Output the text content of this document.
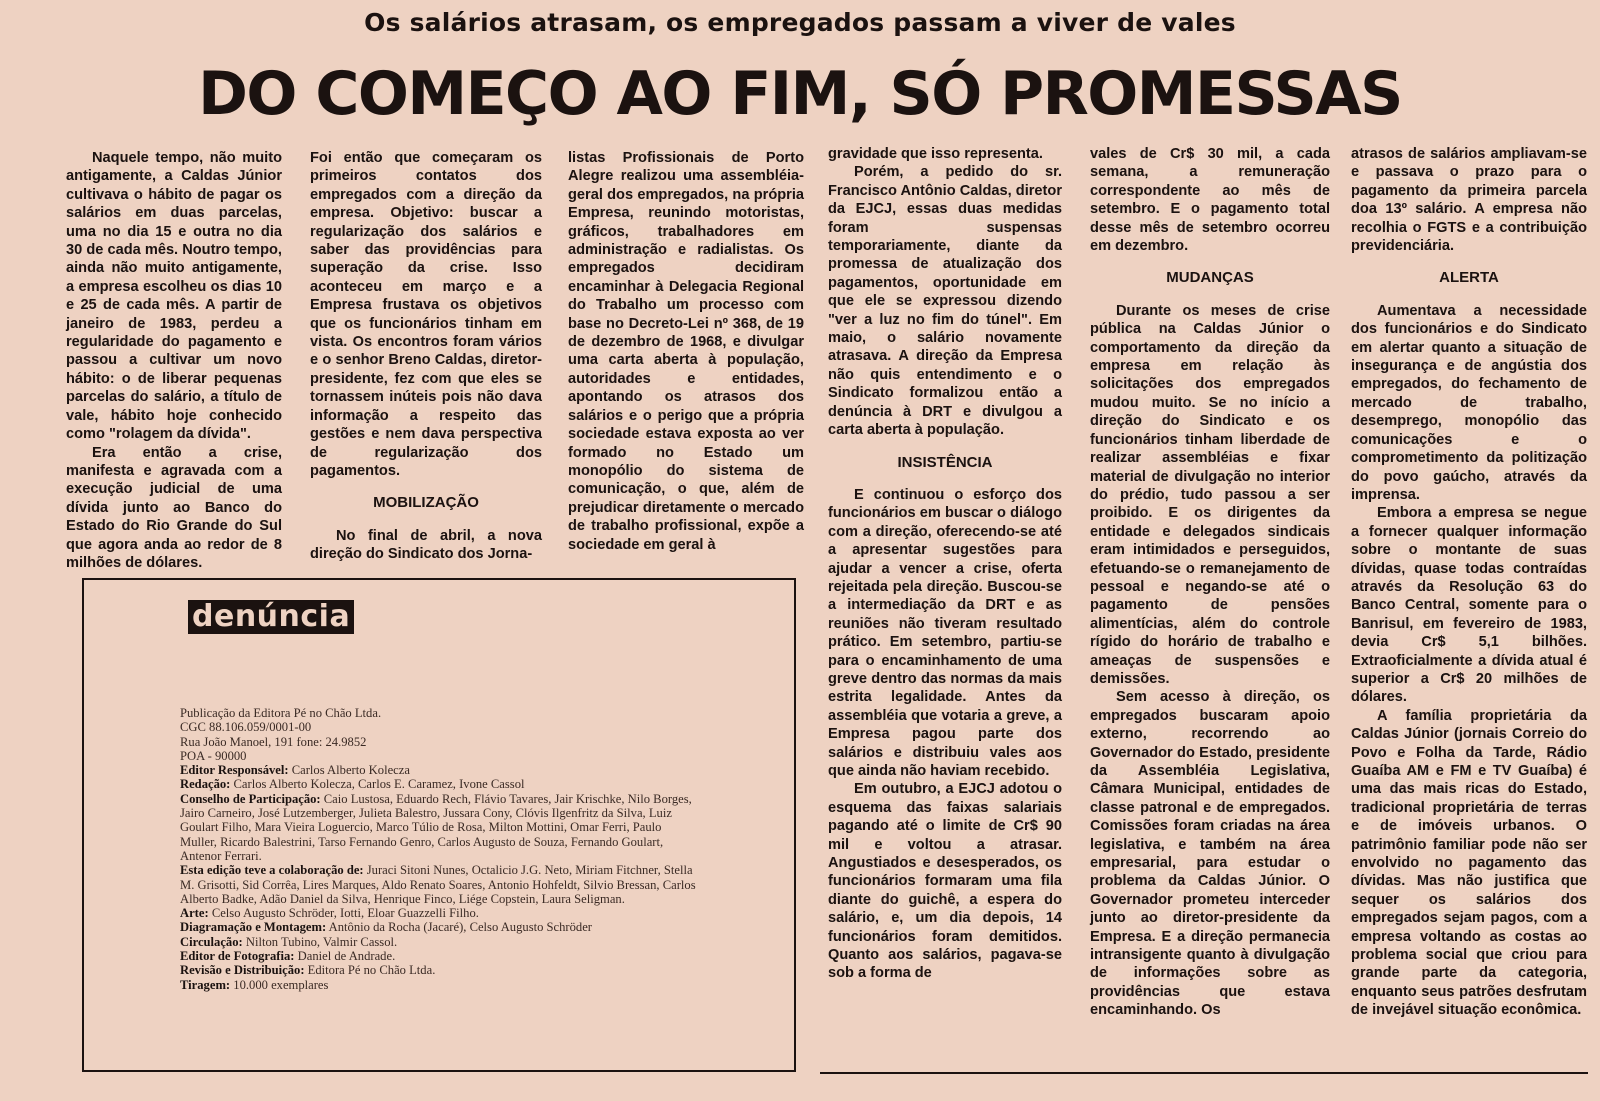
Os salários atrasam, os empregados passam a viver de vales
DO COMEÇO AO FIM, SÓ PROMESSAS

Naquele tempo, não muito antigamente, a Caldas Júnior cultivava o hábito de pagar os salários em duas parcelas, uma no dia 15 e outra no dia 30 de cada mês. Noutro tempo, ainda não muito antigamente, a empresa escolheu os dias 10 e 25 de cada mês. A partir de janeiro de 1983, perdeu a regularidade do pagamento e passou a cultivar um novo hábito: o de liberar pequenas parcelas do salário, a título de vale, hábito hoje conhecido como "rolagem da dívida".

Era então a crise, manifesta e agravada com a execução judicial de uma dívida junto ao Banco do Estado do Rio Grande do Sul que agora anda ao redor de 8 milhões de dólares.

Foi então que começaram os primeiros contatos dos empregados com a direção da empresa. Objetivo: buscar a regularização dos salários e saber das providências para superação da crise. Isso aconteceu em março e a Empresa frustava os objetivos que os funcionários tinham em vista. Os encontros foram vários e o senhor Breno Caldas, diretor-presidente, fez com que eles se tornassem inúteis pois não dava informação a respeito das gestões e nem dava perspectiva de regularização dos pagamentos.

MOBILIZAÇÃO

No final de abril, a nova direção do Sindicato dos Jorna-

listas Profissionais de Porto Alegre realizou uma assembléia-geral dos empregados, na própria Empresa, reunindo motoristas, gráficos, trabalhadores em administração e radialistas. Os empregados decidiram encaminhar à Delegacia Regional do Trabalho um processo com base no Decreto-Lei nº 368, de 19 de dezembro de 1968, e divulgar uma carta aberta à população, autoridades e entidades, apontando os atrasos dos salários e o perigo que a própria sociedade estava exposta ao ver formado no Estado um monopólio do sistema de comunicação, o que, além de prejudicar diretamente o mercado de trabalho profissional, expõe a sociedade em geral à

gravidade que isso representa.

Porém, a pedido do sr. Francisco Antônio Caldas, diretor da EJCJ, essas duas medidas foram suspensas temporariamente, diante da promessa de atualização dos pagamentos, oportunidade em que ele se expressou dizendo "ver a luz no fim do túnel". Em maio, o salário novamente atrasava. A direção da Empresa não quis entendimento e o Sindicato formalizou então a denúncia à DRT e divulgou a carta aberta à população.

INSISTÊNCIA

E continuou o esforço dos funcionários em buscar o diálogo com a direção, oferecendo-se até a apresentar sugestões para ajudar a vencer a crise, oferta rejeitada pela direção. Buscou-se a intermediação da DRT e as reuniões não tiveram resultado prático. Em setembro, partiu-se para o encaminhamento de uma greve dentro das normas da mais estrita legalidade. Antes da assembléia que votaria a greve, a Empresa pagou parte dos salários e distribuiu vales aos que ainda não haviam recebido.

Em outubro, a EJCJ adotou o esquema das faixas salariais pagando até o limite de Cr$ 90 mil e voltou a atrasar. Angustiados e desesperados, os funcionários formaram uma fila diante do guichê, a espera do salário, e, um dia depois, 14 funcionários foram demitidos. Quanto aos salários, pagava-se sob a forma de

vales de Cr$ 30 mil, a cada semana, a remuneração correspondente ao mês de setembro. E o pagamento total desse mês de setembro ocorreu em dezembro.

MUDANÇAS

Durante os meses de crise pública na Caldas Júnior o comportamento da direção da empresa em relação às solicitações dos empregados mudou muito. Se no início a direção do Sindicato e os funcionários tinham liberdade de realizar assembléias e fixar material de divulgação no interior do prédio, tudo passou a ser proibido. E os dirigentes da entidade e delegados sindicais eram intimidados e perseguidos, efetuando-se o remanejamento de pessoal e negando-se até o pagamento de pensões alimentícias, além do controle rígido do horário de trabalho e ameaças de suspensões e demissões.

Sem acesso à direção, os empregados buscaram apoio externo, recorrendo ao Governador do Estado, presidente da Assembléia Legislativa, Câmara Municipal, entidades de classe patronal e de empregados. Comissões foram criadas na área legislativa, e também na área empresarial, para estudar o problema da Caldas Júnior. O Governador prometeu interceder junto ao diretor-presidente da Empresa. E a direção permanecia intransigente quanto à divulgação de informações sobre as providências que estava encaminhando. Os

atrasos de salários ampliavam-se e passava o prazo para o pagamento da primeira parcela doa 13º salário. A empresa não recolhia o FGTS e a contribuição previdenciária.

ALERTA

Aumentava a necessidade dos funcionários e do Sindicato em alertar quanto a situação de insegurança e de angústia dos empregados, do fechamento de mercado de trabalho, desemprego, monopólio das comunicações e o comprometimento da politização do povo gaúcho, através da imprensa.

Embora a empresa se negue a fornecer qualquer informação sobre o montante de suas dívidas, quase todas contraídas através da Resolução 63 do Banco Central, somente para o Banrisul, em fevereiro de 1983, devia Cr$ 5,1 bilhões. Extraoficialmente a dívida atual é superior a Cr$ 20 milhões de dólares.

A família proprietária da Caldas Júnior (jornais Correio do Povo e Folha da Tarde, Rádio Guaíba AM e FM e TV Guaíba) é uma das mais ricas do Estado, tradicional proprietária de terras e de imóveis urbanos. O patrimônio familiar pode não ser envolvido no pagamento das dívidas. Mas não justifica que sequer os salários dos empregados sejam pagos, com a empresa voltando as costas ao problema social que criou para grande parte da categoria, enquanto seus patrões desfrutam de invejável situação econômica.

denúncia
Publicação da Editora Pé no Chão Ltda.
CGC 88.106.059/0001-00
Rua João Manoel, 191 fone: 24.9852
POA - 90000
Editor Responsável: Carlos Alberto Kolecza
Redação: Carlos Alberto Kolecza, Carlos E. Caramez, Ivone Cassol
Conselho de Participação: Caio Lustosa, Eduardo Rech, Flávio Tavares, Jair Krischke, Nilo Borges, Jairo Carneiro, José Lutzemberger, Julieta Balestro, Jussara Cony, Clóvis Ilgenfritz da Silva, Luiz Goulart Filho, Mara Vieira Loguercio, Marco Túlio de Rosa, Milton Mottini, Omar Ferri, Paulo Muller, Ricardo Balestrini, Tarso Fernando Genro, Carlos Augusto de Souza, Fernando Goulart, Antenor Ferrari.
Esta edição teve a colaboração de: Juraci Sitoni Nunes, Octalicio J.G. Neto, Miriam Fitchner, Stella M. Grisotti, Sid Corrêa, Lires Marques, Aldo Renato Soares, Antonio Hohfeldt, Silvio Bressan, Carlos Alberto Badke, Adão Daniel da Silva, Henrique Finco, Liége Copstein, Laura Seligman.
Arte: Celso Augusto Schröder, Iotti, Eloar Guazzelli Filho.
Diagramação e Montagem: Antônio da Rocha (Jacaré), Celso Augusto Schröder
Circulação: Nilton Tubino, Valmir Cassol.
Editor de Fotografia: Daniel de Andrade.
Revisão e Distribuição: Editora Pé no Chão Ltda.
Tiragem: 10.000 exemplares
